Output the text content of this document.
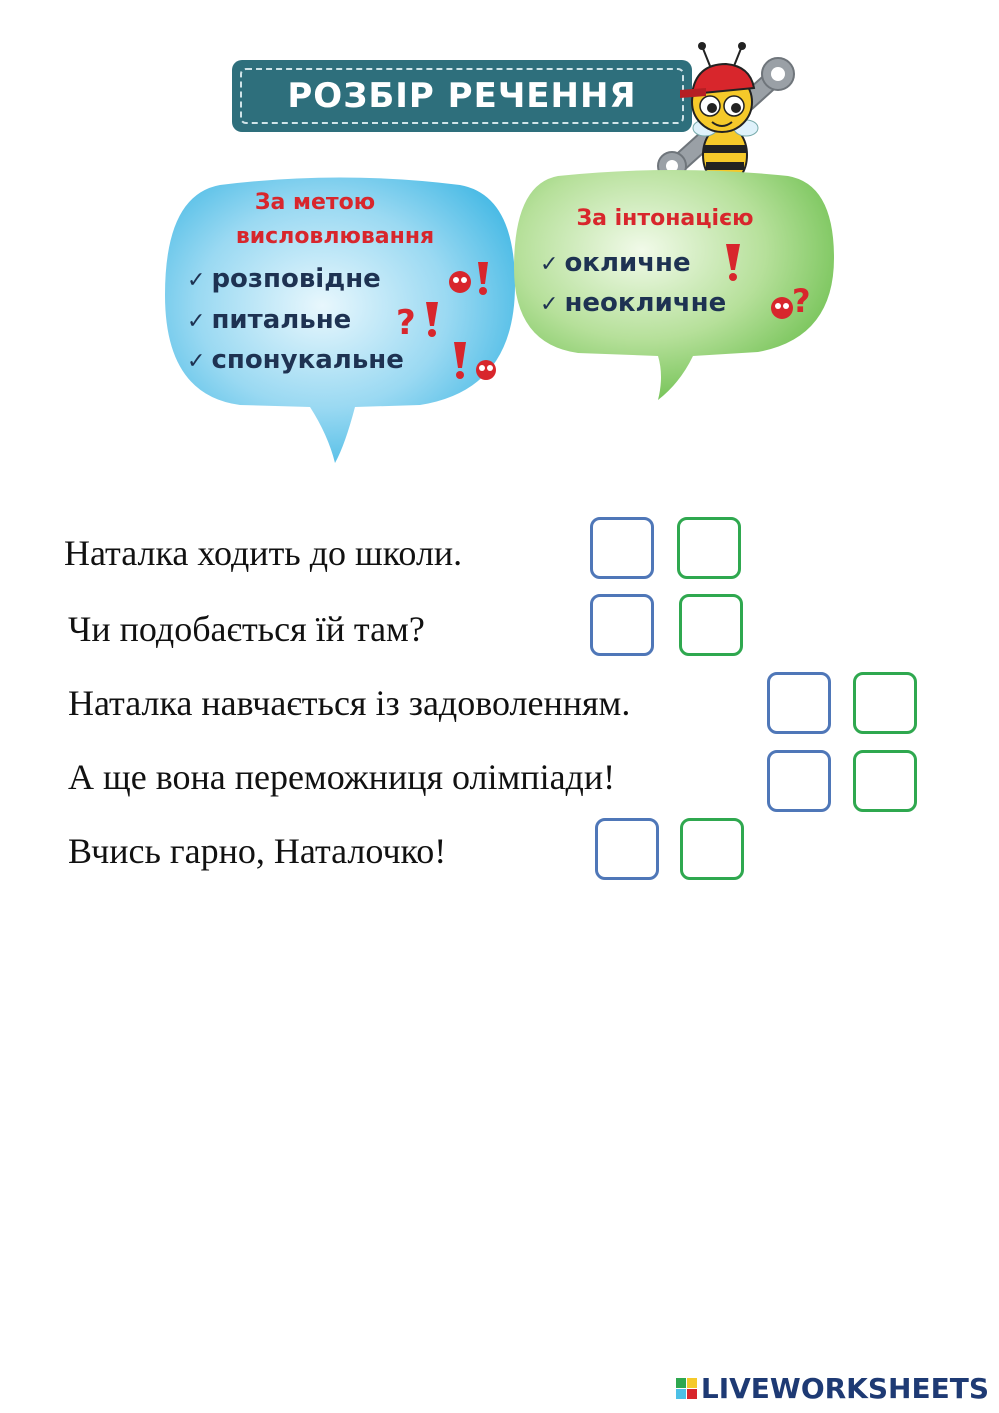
РОЗБІР РЕЧЕННЯ
За метою
висловлювання
✓ розповідне
✓ питальне ?
✓ спонукальне
За інтонацією
✓ окличне
✓ неокличне ?
Наталка ходить до школи.
Чи подобається їй там?
Наталка навчається із задоволенням.
А ще вона переможниця олімпіади!
Вчись гарно, Наталочко!
LIVEWORKSHEETS
